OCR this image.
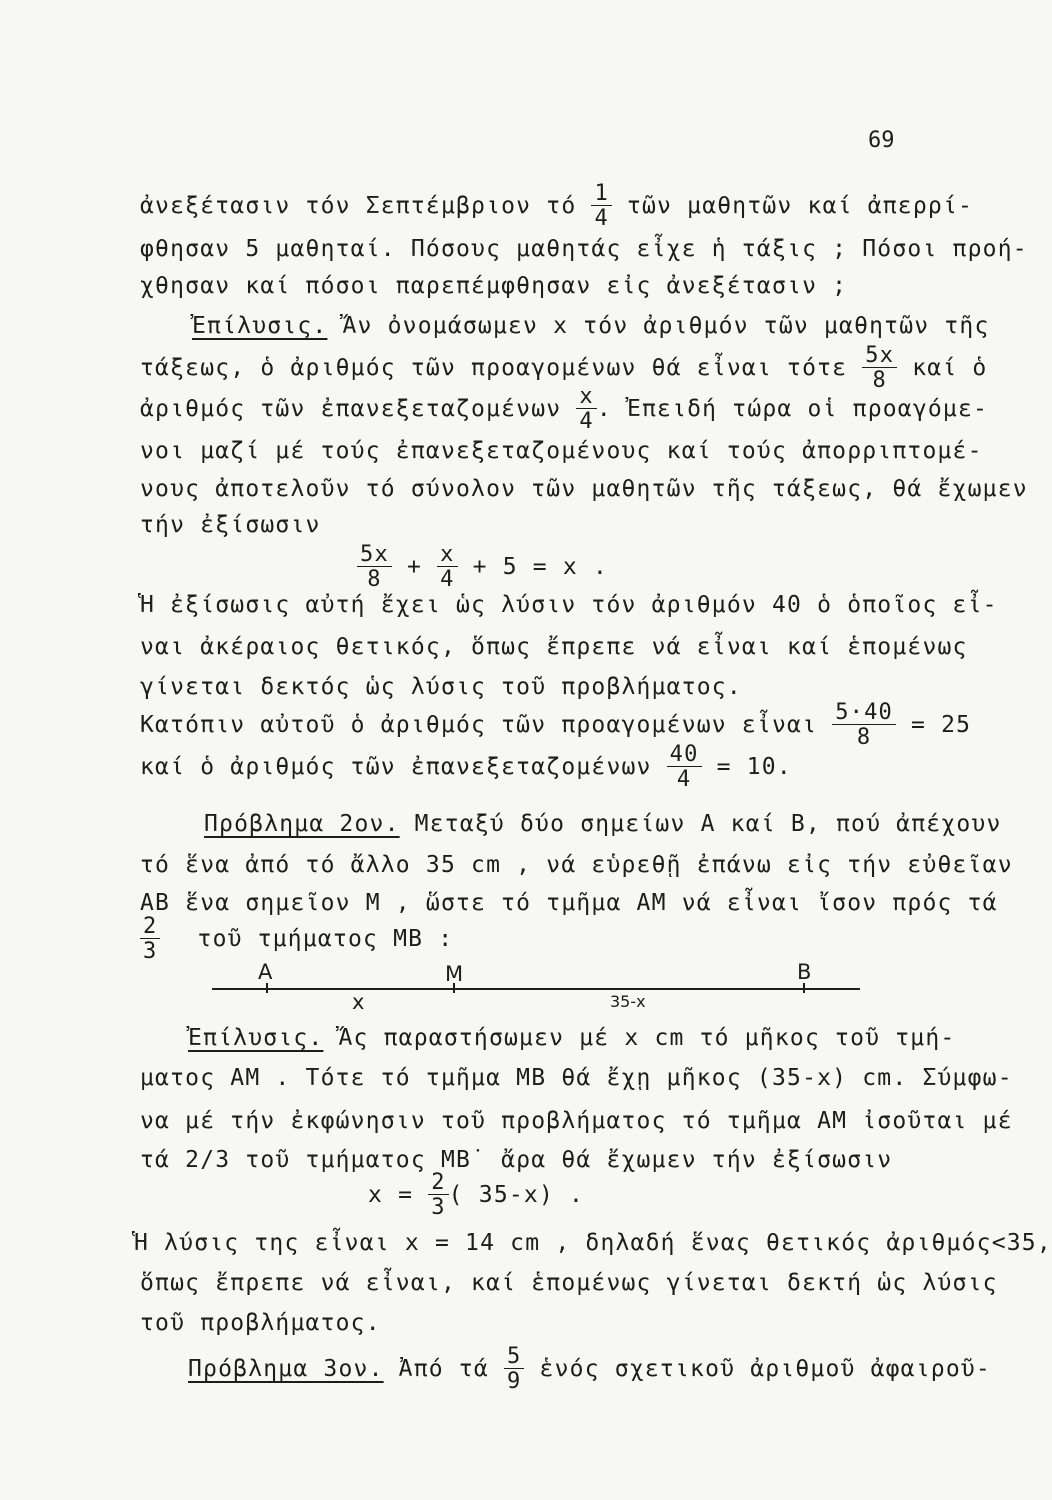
69
ἀνεξέτασιν τόν Σεπτέμβριον τό $\frac{1}{4}$ τῶν μαθητῶν καί ἀπερρί-
φθησαν 5 μαθηταί. Πόσους μαθητάς εἶχε ἡ τάξις ; Πόσοι προή-
χθησαν καί πόσοι παρεπέμφθησαν εἰς ἀνεξέτασιν ;
Ἐπίλυσις. Ἄν ὀνομάσωμεν x τόν ἀριθμόν τῶν μαθητῶν τῆς
τάξεως, ὁ ἀριθμός τῶν προαγομένων θά εἶναι τότε $\frac{5x}{8}$ καί ὁ
ἀριθμός τῶν ἐπανεξεταζομένων $\frac{x}{4}$ . Ἐπειδή τώρα οἱ προαγόμε-
νοι μαζί μέ τούς ἐπανεξεταζομένους καί τούς ἀπορριπτομέ-
νους ἀποτελοῦν τό σύνολον τῶν μαθητῶν τῆς τάξεως, θά ἔχωμεν
τήν ἐξίσωσιν
$\frac{5x}{8} + \frac{x}{4} + 5 = x$ .
Ἡ ἐξίσωσις αὐτή ἔχει ὡς λύσιν τόν ἀριθμόν 40 ὁ ὁποῖος εἶ-
ναι ἀκέραιος θετικός, ὅπως ἔπρεπε νά εἶναι καί ἑπομένως
γίνεται δεκτός ὡς λύσις τοῦ προβλήματος.
Κατόπιν αὐτοῦ ὁ ἀριθμός τῶν προαγομένων εἶναι $\frac{5\cdot 40}{8} = 25$
καί ὁ ἀριθμός τῶν ἐπανεξεταζομένων $\frac{40}{4} = 10$.
Πρόβλημα 2ον. Μεταξύ δύο σημείων A καί B, πού ἀπέχουν
τό ἕνα ἀπό τό ἄλλο 35 cm , νά εὑρεθῇ ἐπάνω εἰς τήν εὐθεῖαν
AB ἕνα σημεῖον M , ὥστε τό τμῆμα AM νά εἶναι ἴσον πρός τά
$\frac{2}{3}$ τοῦ τμήματος MB :
A	M	B
x	35-x
Ἐπίλυσις. Ἄς παραστήσωμεν μέ x cm τό μῆκος τοῦ τμή-
ματος AM . Τότε τό τμῆμα MB θά ἔχῃ μῆκος (35-x) cm. Σύμφω-
να μέ τήν ἐκφώνησιν τοῦ προβλήματος τό τμῆμα AM ἰσοῦται μέ
τά 2/3 τοῦ τμήματος MB˙ ἄρα θά ἔχωμεν τήν ἐξίσωσιν
$x = \frac{2}{3}$ ( 35-x) .
Ἡ λύσις της εἶναι x = 14 cm , δηλαδή ἕνας θετικός ἀριθμός<35,
ὅπως ἔπρεπε νά εἶναι, καί ἑπομένως γίνεται δεκτή ὡς λύσις
τοῦ προβλήματος.
Πρόβλημα 3ον. Ἀπό τά $\frac{5}{9}$ ἑνός σχετικοῦ ἀριθμοῦ ἀφαιροῦ-
